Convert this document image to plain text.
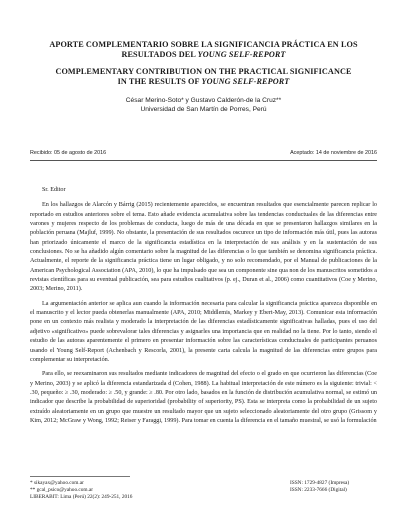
APORTE COMPLEMENTARIO SOBRE LA SIGNIFICANCIA PRÁCTICA EN LOS
RESULTADOS DEL YOUNG SELF-REPORT
COMPLEMENTARY CONTRIBUTION ON THE PRACTICAL SIGNIFICANCE
IN THE RESULTS OF YOUNG SELF-REPORT
César Merino-Soto* y Gustavo Calderón-de la Cruz**
Universidad de San Martín de Porres, Perú
Recibido: 05 de agosto de 2016	Aceptado: 14 de noviembre de 2016

Sr. Editor

En los hallazgos de Alarcón y Bárrig (2015) recientemente aparecidos, se encuentran resultados que esencialmente parecen replicar lo reportado en estudios anteriores sobre el tema. Esto añade evidencia acumulativa sobre las tendencias conductuales de las diferencias entre varones y mujeres respecto de los problemas de conducta, luego de más de una década en que se presentaron hallazgos similares en la población peruana (Majluf, 1999). No obstante, la presentación de sus resultados oscurece un tipo de información más útil, pues las autoras han priorizado únicamente el marco de la significancia estadística en la interpretación de sus análisis y en la sustentación de sus conclusiones. No se ha añadido algún comentario sobre la magnitud de las diferencias o lo que también se denomina significancia práctica. Actualmente, el reporte de la significancia práctica tiene un lugar obligado, y no solo recomendado, por el Manual de publicaciones de la American Psychological Association (APA, 2010), lo que ha impulsado que sea un componente sine qua non de los manuscritos sometidos a revistas científicas para su eventual publicación, sea para estudios cualitativos (p. ej., Duran et al., 2006) como cuantitativos (Coe y Merino, 2003; Merino, 2011).

La argumentación anterior se aplica aun cuando la información necesaria para calcular la significancia práctica aparezca disponible en el manuscrito y el lector pueda obtenerlas manualmente (APA, 2010; Middlemis, Markey y Ebert-May, 2013). Comunicar esta información pone en un contexto más realista y moderado la interpretación de las diferencias estadísticamente significativas halladas, pues el uso del adjetivo «significativo» puede sobrevalorar tales diferencias y asignarles una importancia que en realidad no la tiene. Por lo tanto, siendo el estudio de las autoras aparentemente el primero en presentar información sobre las características conductuales de participantes peruanos usando el Young Self-Report (Achenbach y Rescorla, 2001), la presente carta calcula la magnitud de las diferencias entre grupos para complementar su interpretación.

Para ello, se reexaminaron sus resultados mediante indicadores de magnitud del efecto o el grado en que ocurrieron las diferencias (Coe y Merino, 2003) y se aplicó la diferencia estandarizada d (Cohen, 1988). La habitual interpretación de este número es la siguiente: trivial: < .30, pequeño: ≥ .30, moderado: ≥ .50, y grande: ≥ .80. Por otro lado, basados en la función de distribución acumulativa normal, se estimó un indicador que describe la probabilidad de superioridad (probability of superiority, PS). Esta se interpreta como la probabilidad de un sujeto extraído aleatoriamente en un grupo que muestre un resultado mayor que un sujeto seleccionado aleatoriamente del otro grupo (Grissom y Kim, 2012; McGraw y Wong, 1992; Reiser y Faraggi, 1999). Para tomar en cuenta la diferencia en el tamaño muestral, se usó la formulación

* sikayax@yahoo.com.ar
** gcal_psico@yahoo.com.ar
LIBERABIT: Lima (Perú) 22(2): 249-251, 2016
ISSN: 1729-4827 (Impresa)
ISSN: 2233-7666 (Digital)
